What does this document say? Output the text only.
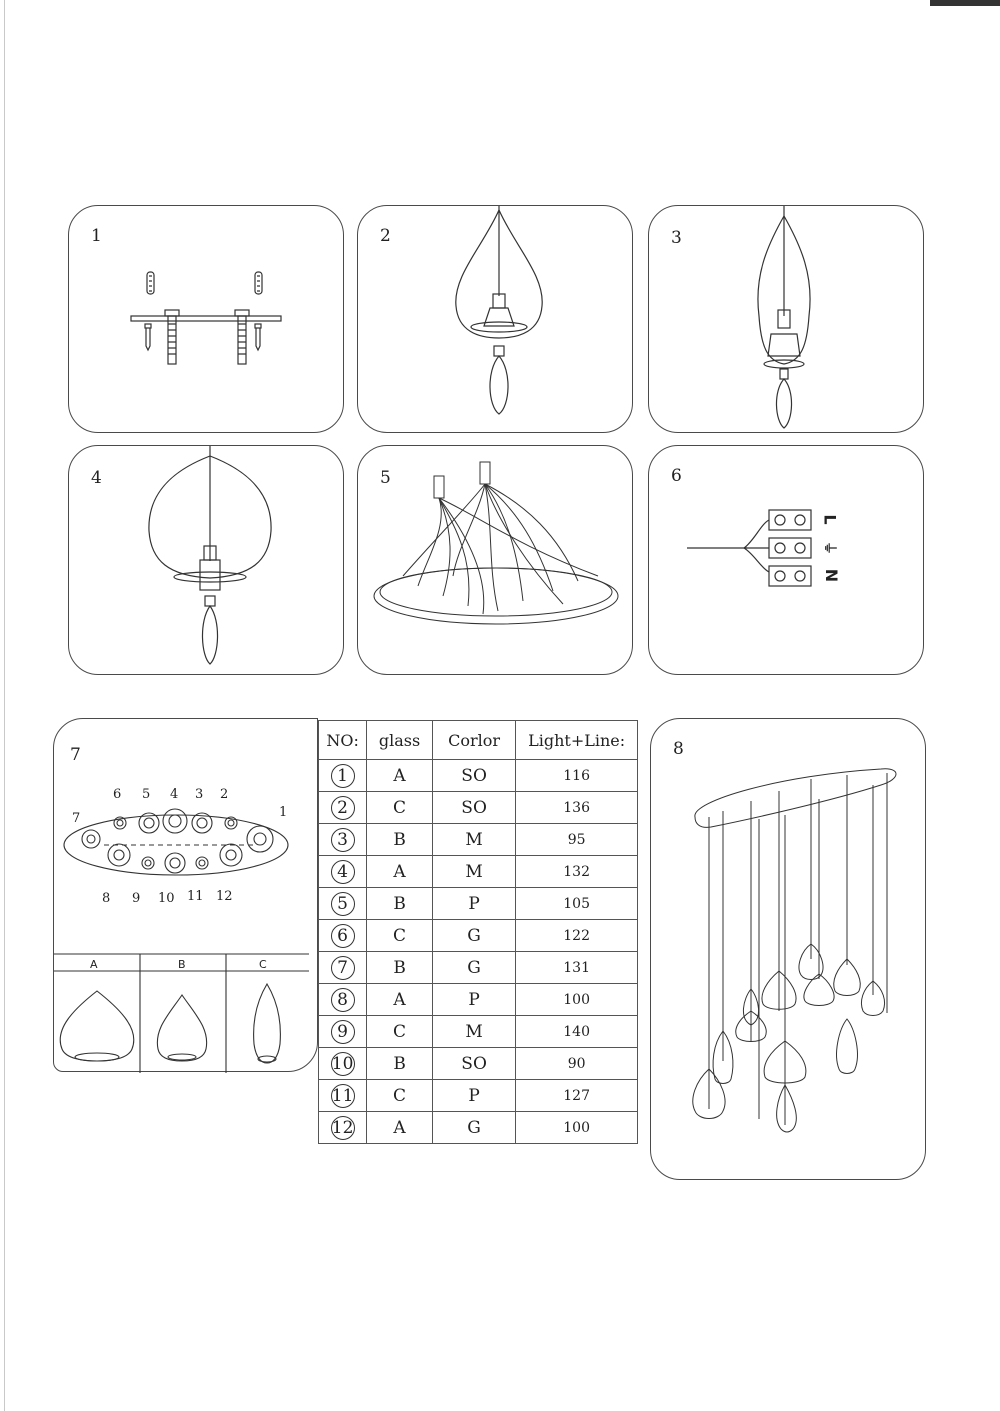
1	2	3
4	5	6
L
⏚
N
7
1
2
3
4
5
6
7
8 9 10 11 12
A	B	C
NO:	glass	Corlor	Light+Line:
1	A	SO	116
2	C	SO	136
3	B	M	95
4	A	M	132
5	B	P	105
6	C	G	122
7	B	G	131
8	A	P	100
9	C	M	140
10	B	SO	90
11	C	P	127
12	A	G	100
8
